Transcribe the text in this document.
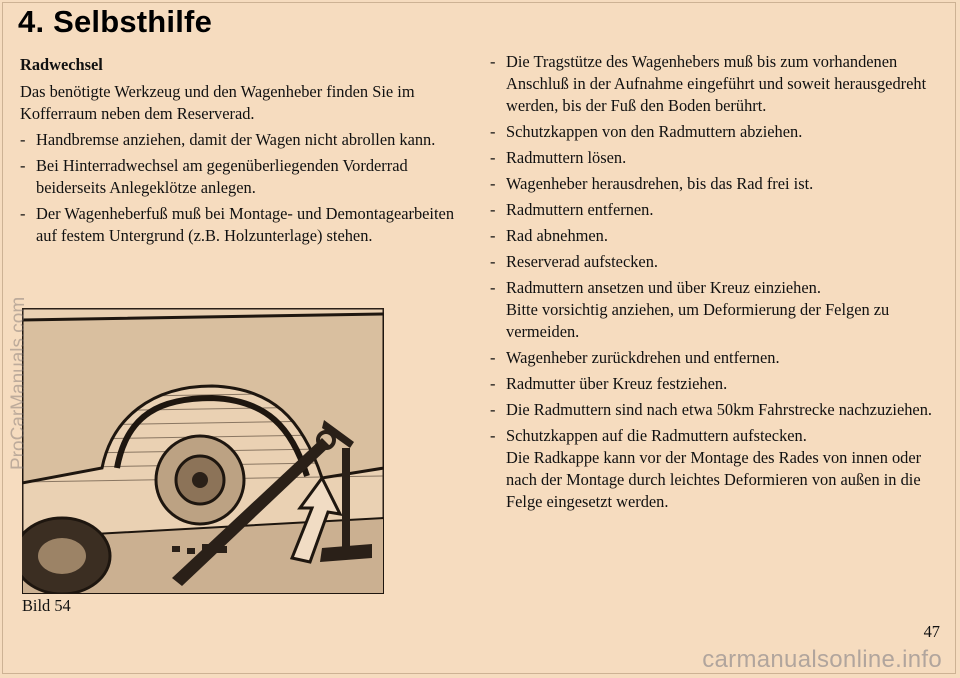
4. Selbsthilfe
Radwechsel

Das benötigte Werkzeug und den Wagenheber finden Sie im Kofferraum neben dem Reserverad.

- Handbremse anziehen, damit der Wagen nicht abrollen kann.
- Bei Hinterradwechsel am gegenüberliegenden Vorderrad beiderseits Anlegeklötze anlegen.
- Der Wagenheberfuß muß bei Montage- und Demontagearbeiten auf festem Untergrund (z.B. Holzunterlage) stehen.
Bild 54
- Die Tragstütze des Wagenhebers muß bis zum vorhandenen Anschluß in der Aufnahme eingeführt und soweit herausgedreht werden, bis der Fuß den Boden berührt.
- Schutzkappen von den Radmuttern abziehen.
- Radmuttern lösen.
- Wagenheber herausdrehen, bis das Rad frei ist.
- Radmuttern entfernen.
- Rad abnehmen.
- Reserverad aufstecken.
- Radmuttern ansetzen und über Kreuz einziehen.
Bitte vorsichtig anziehen, um Deformierung der Felgen zu vermeiden.
- Wagenheber zurückdrehen und entfernen.
- Radmutter über Kreuz festziehen.
- Die Radmuttern sind nach etwa 50km Fahrstrecke nachzuziehen.
- Schutzkappen auf die Radmuttern aufstecken.
Die Radkappe kann vor der Montage des Rades von innen oder nach der Montage durch leichtes Deformieren von außen in die Felge eingesetzt werden.
47
ProCarManuals.com
carmanualsonline.info
